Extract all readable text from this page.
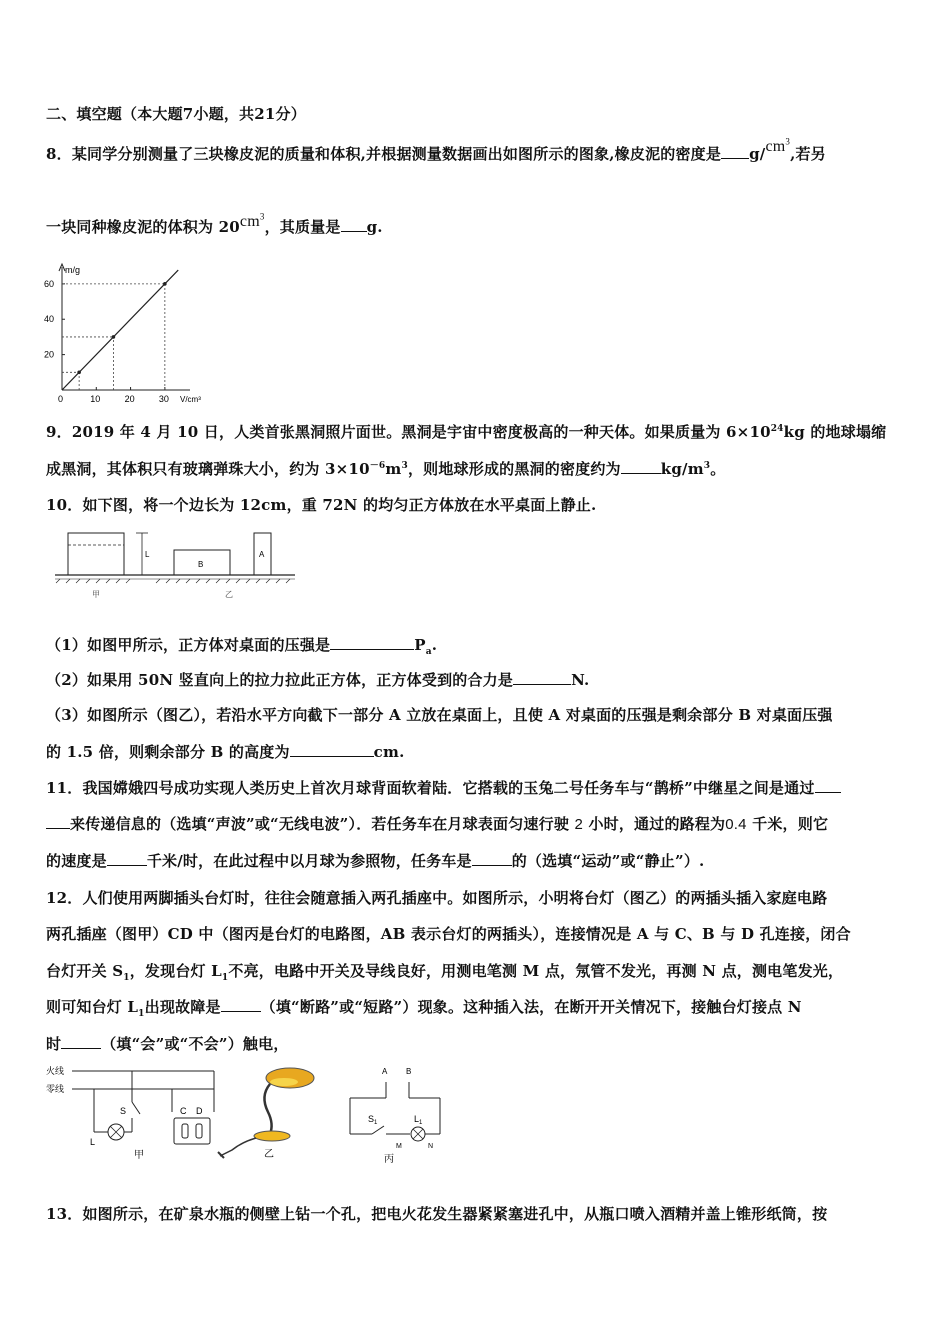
二、填空题（本大题7小题，共21分）
8．某同学分别测量了三块橡皮泥的质量和体积,并根据测量数据画出如图所示的图象,橡皮泥的密度是 $g/cm^3$,若另
一块同种橡皮泥的体积为 $20cm^3$，其质量是 g.
10	20	30
20
40
60
0
m/g
V/cm³
9．2019 年 4 月 10 日，人类首张黑洞照片面世。黑洞是宇宙中密度极高的一种天体。如果质量为 $6\times 10^{24}kg$ 的地球塌缩
成黑洞，其体积只有玻璃弹珠大小，约为 $3\times 10^{-6}m^3$，则地球形成的黑洞的密度约为	$kg/m^3$。
10．如下图，将一个边长为 12cm，重 72N 的均匀正方体放在水平桌面上静止.
L
B
A
甲	乙
（1）如图甲所示，正方体对桌面的压强是	$P_a$.
（2）如果用 50N 竖直向上的拉力拉此正方体，正方体受到的合力是	N.
（3）如图所示（图乙），若沿水平方向截下一部分 A 立放在桌面上，且使 A 对桌面的压强是剩余部分 B 对桌面压强
的 1.5 倍，则剩余部分 B 的高度为	cm.
11．我国嫦娥四号成功实现人类历史上首次月球背面软着陆．它搭载的玉兔二号任务车与“鹊桥”中继星之间是通过
来传递信息的（选填“声波”或“无线电波”）．若任务车在月球表面匀速行驶 2 小时，通过的路程为0.4 千米，则它
的速度是	千米/时，在此过程中以月球为参照物，任务车是	的（选填“运动”或“静止”）.
12．人们使用两脚插头台灯时，往往会随意插入两孔插座中。如图所示，小明将台灯（图乙）的两插头插入家庭电路
两孔插座（图甲）CD 中（图丙是台灯的电路图，AB 表示台灯的两插头），连接情况是 A 与 C、B 与 D 孔连接，闭合
台灯开关 $S_1$，发现台灯 $L_1$不亮，电路中开关及导线良好，用测电笔测 M 点，氖管不发光，再测 N 点，测电笔发光，
则可知台灯 $L_1$出现故障是	（填“断路”或“短路”）现象。这种插入法，在断开开关情况下，接触台灯接点 N
时	（填“会”或“不会”）触电，
火线
零线
S
L
C D
甲	乙
A B
$S_1$	$L_1$
M	N
丙
13．如图所示，在矿泉水瓶的侧壁上钻一个孔，把电火花发生器紧紧塞进孔中，从瓶口喷入酒精并盖上锥形纸筒，按
